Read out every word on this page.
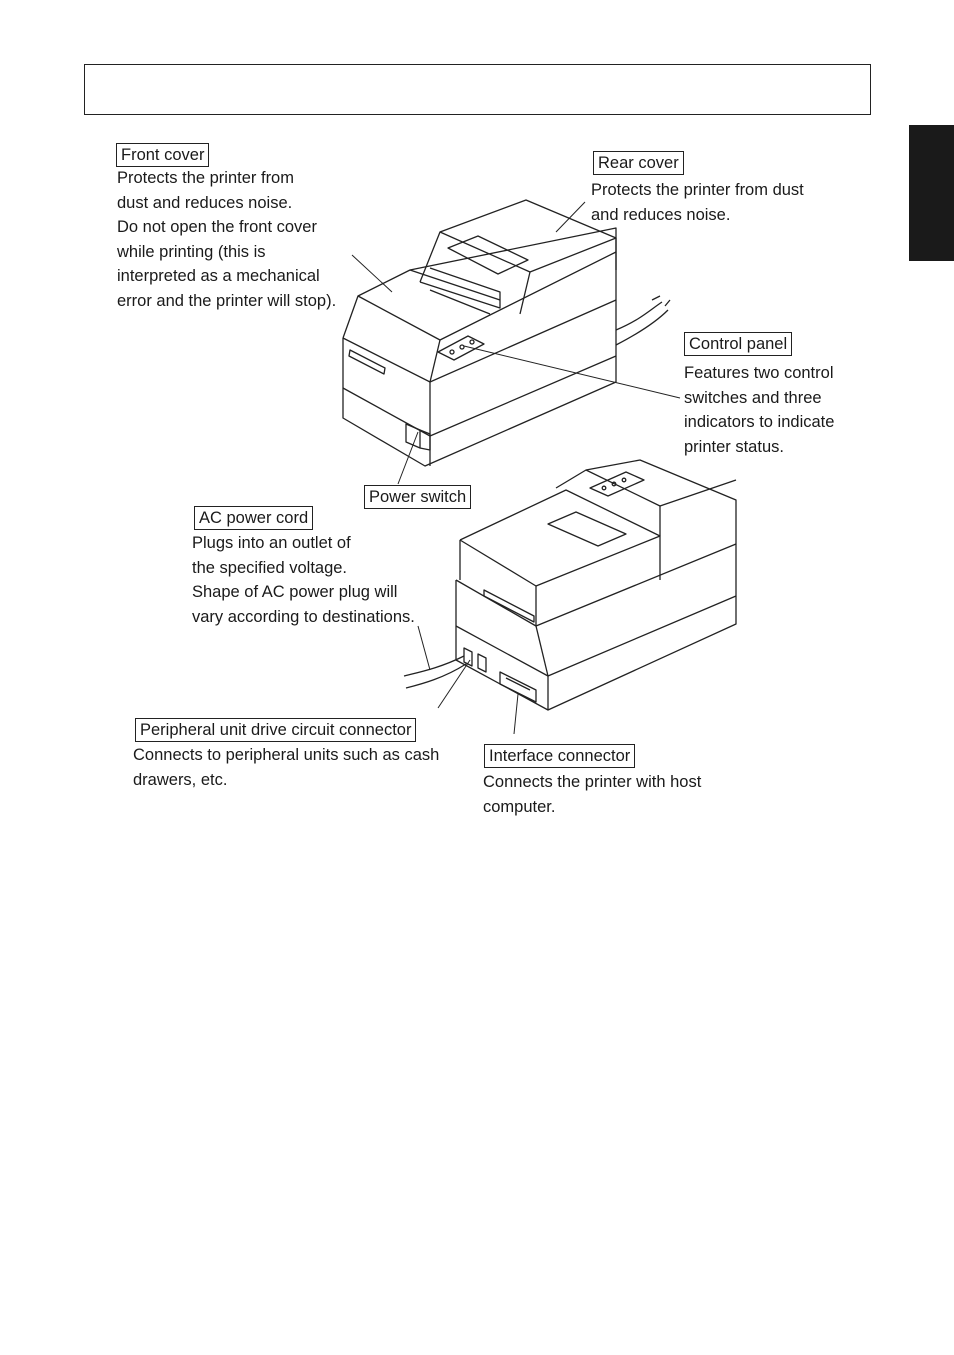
Front cover
Protects the printer from
dust and reduces noise.
Do not open the front cover
while printing (this is
interpreted as a mechanical
error and the printer will stop).
Rear cover
Protects the printer from dust
and reduces noise.
Control panel
Features two control
switches and three
indicators to indicate
printer status.
Power switch
AC power cord
Plugs into an outlet of
the specified voltage.
Shape of AC power plug will
vary according to destinations.
Peripheral unit drive circuit connector
Connects to peripheral units such as cash
drawers, etc.
Interface connector
Connects the printer with host
computer.
